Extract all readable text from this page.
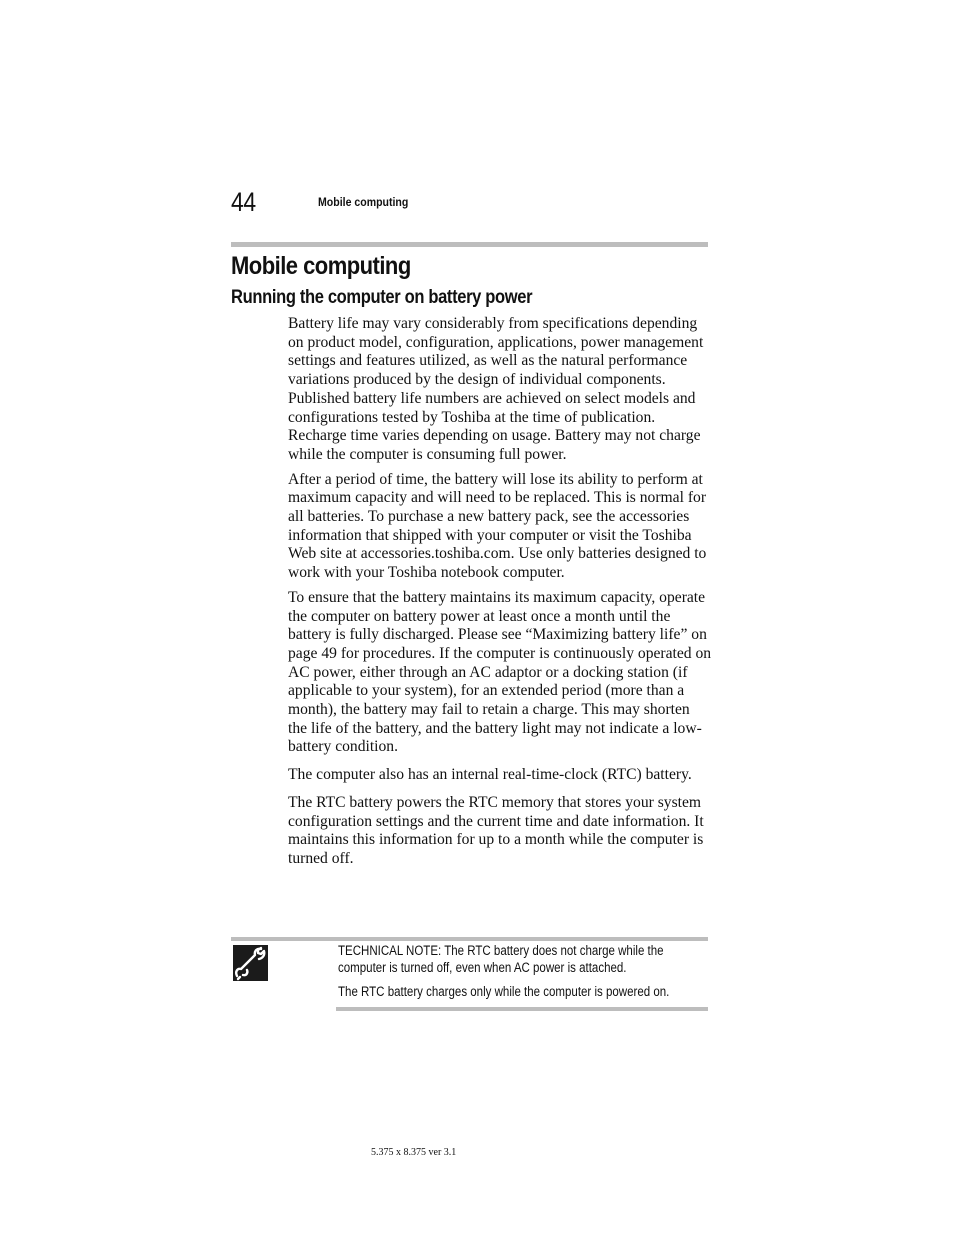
44	Mobile computing
Mobile computing
Running the computer on battery power

Battery life may vary considerably from specifications depending on product model, configuration, applications, power management settings and features utilized, as well as the natural performance variations produced by the design of individual components. Published battery life numbers are achieved on select models and configurations tested by Toshiba at the time of publication. Recharge time varies depending on usage. Battery may not charge while the computer is consuming full power.

After a period of time, the battery will lose its ability to perform at maximum capacity and will need to be replaced. This is normal for all batteries. To purchase a new battery pack, see the accessories information that shipped with your computer or visit the Toshiba Web site at accessories.toshiba.com. Use only batteries designed to work with your Toshiba notebook computer.

To ensure that the battery maintains its maximum capacity, operate the computer on battery power at least once a month until the battery is fully discharged. Please see “Maximizing battery life” on page 49 for procedures. If the computer is continuously operated on AC power, either through an AC adaptor or a docking station (if applicable to your system), for an extended period (more than a month), the battery may fail to retain a charge. This may shorten the life of the battery, and the battery light may not indicate a low-battery condition.

The computer also has an internal real-time-clock (RTC) battery.

The RTC battery powers the RTC memory that stores your system configuration settings and the current time and date information. It maintains this information for up to a month while the computer is turned off.

TECHNICAL NOTE: The RTC battery does not charge while the computer is turned off, even when AC power is attached.

The RTC battery charges only while the computer is powered on.

5.375 x 8.375 ver 3.1
